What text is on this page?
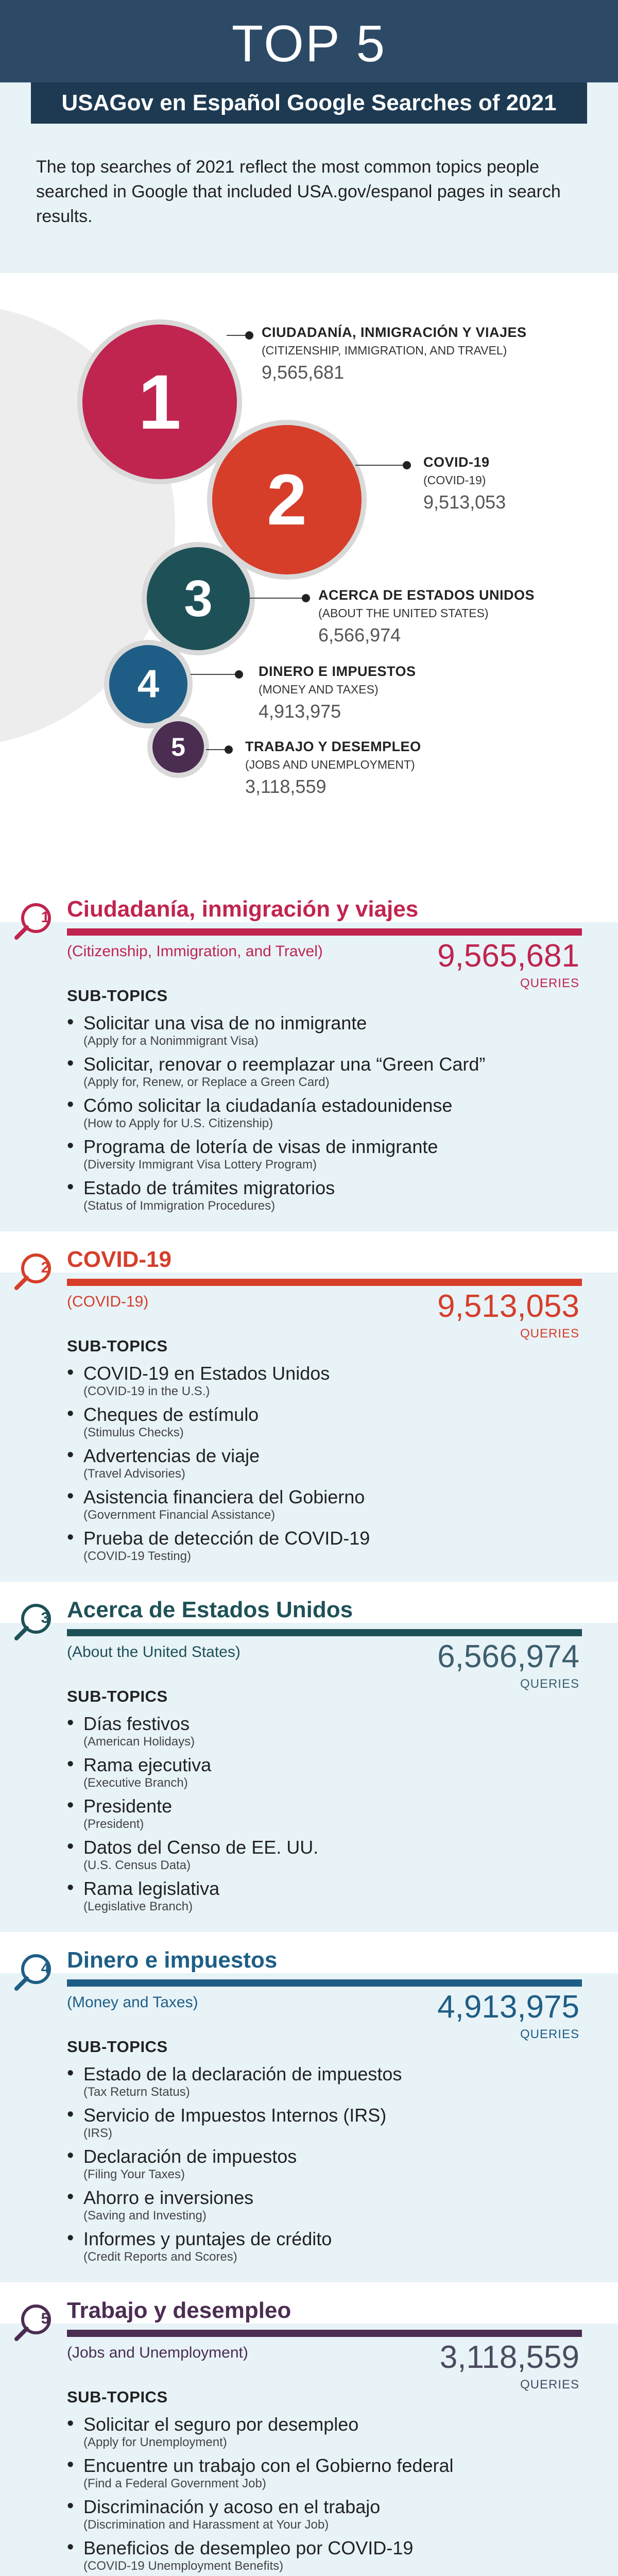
TOP 5
USAGov en Español Google Searches of 2021
The top searches of 2021 reflect the most common topics people searched in Google that included USA.gov/espanol pages in search results.
1
CIUDADANÍA, INMIGRACIÓN Y VIAJES
(CITIZENSHIP, IMMIGRATION, AND TRAVEL)
9,565,681
2	COVID-19
(COVID-19)
9,513,053
3	ACERCA DE ESTADOS UNIDOS
(ABOUT THE UNITED STATES)
6,566,974
4	DINERO E IMPUESTOS
(MONEY AND TAXES)
4,913,975
5	TRABAJO Y DESEMPLEO
(JOBS AND UNEMPLOYMENT)
3,118,559
1 Ciudadanía, inmigración y viajes
(Citizenship, Immigration, and Travel)	9,565,681
QUERIES
SUB-TOPICS
• Solicitar una visa de no inmigrante
(Apply for a Nonimmigrant Visa)
• Solicitar, renovar o reemplazar una “Green Card”
(Apply for, Renew, or Replace a Green Card)
• Cómo solicitar la ciudadanía estadounidense
(How to Apply for U.S. Citizenship)
• Programa de lotería de visas de inmigrante
(Diversity Immigrant Visa Lottery Program)
• Estado de trámites migratorios
(Status of Immigration Procedures)
2 COVID-19
(COVID-19)	9,513,053
QUERIES
SUB-TOPICS
• COVID-19 en Estados Unidos
(COVID-19 in the U.S.)
• Cheques de estímulo
(Stimulus Checks)
• Advertencias de viaje
(Travel Advisories)
• Asistencia financiera del Gobierno
(Government Financial Assistance)
• Prueba de detección de COVID-19
(COVID-19 Testing)
3 Acerca de Estados Unidos
(About the United States)	6,566,974
QUERIES
SUB-TOPICS
• Días festivos
(American Holidays)
• Rama ejecutiva
(Executive Branch)
• Presidente
(President)
• Datos del Censo de EE. UU.
(U.S. Census Data)
• Rama legislativa
(Legislative Branch)
4 Dinero e impuestos
(Money and Taxes)	4,913,975
QUERIES
SUB-TOPICS
• Estado de la declaración de impuestos
(Tax Return Status)
• Servicio de Impuestos Internos (IRS)
(IRS)
• Declaración de impuestos
(Filing Your Taxes)
• Ahorro e inversiones
(Saving and Investing)
• Informes y puntajes de crédito
(Credit Reports and Scores)
5 Trabajo y desempleo
(Jobs and Unemployment)	3,118,559
QUERIES
SUB-TOPICS
• Solicitar el seguro por desempleo
(Apply for Unemployment)
• Encuentre un trabajo con el Gobierno federal
(Find a Federal Government Job)
• Discriminación y acoso en el trabajo
(Discrimination and Harassment at Your Job)
• Beneficios de desempleo por COVID-19
(COVID-19 Unemployment Benefits)
